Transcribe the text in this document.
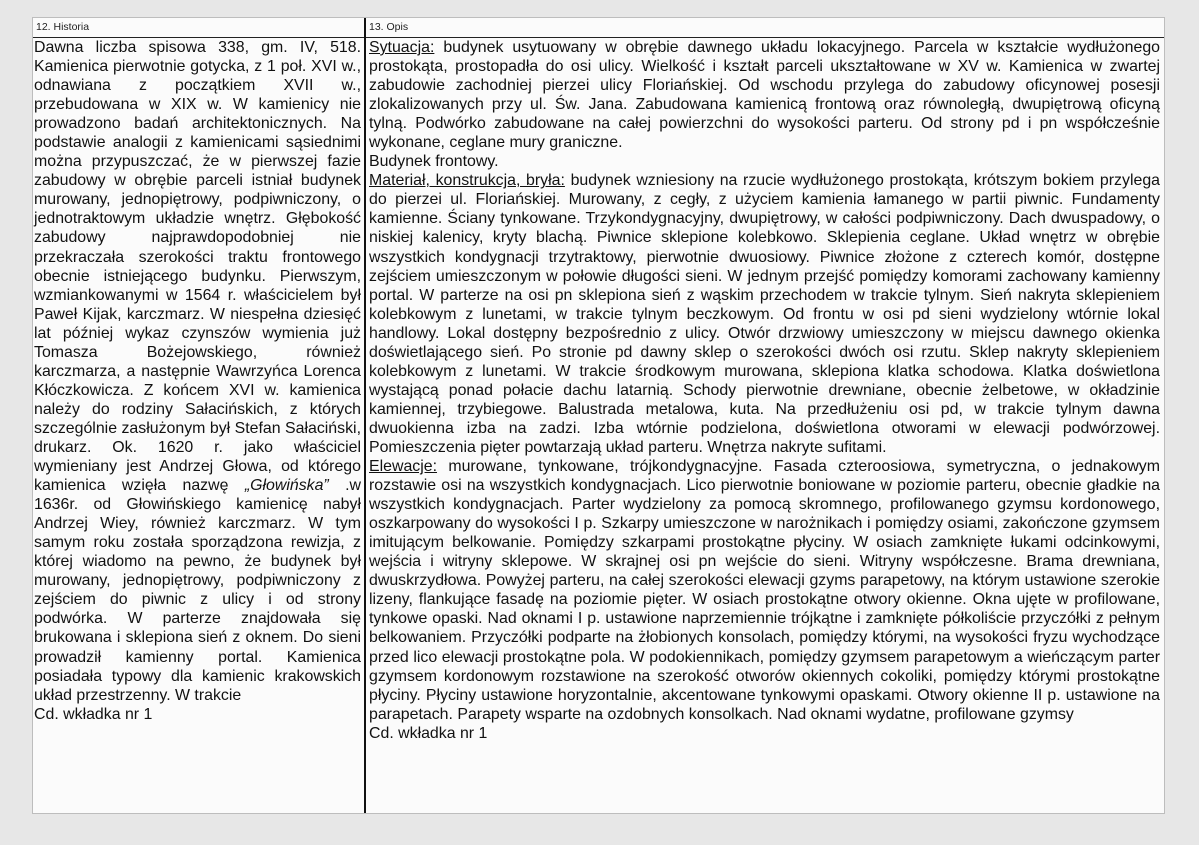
12. Historia

Dawna liczba spisowa 338, gm. IV, 518. Kamienica pierwotnie gotycka, z 1 poł. XVI w., odnawiana z początkiem XVII w., przebudowana w XIX w. W kamienicy nie prowadzono badań architektonicznych. Na podstawie analogii z kamienicami sąsiednimi można przypuszczać, że w pierwszej fazie zabudowy w obrębie parceli istniał budynek murowany, jednopiętrowy, podpiwniczony, o jednotraktowym układzie wnętrz. Głębokość zabudowy najprawdopodobniej nie przekraczała szerokości traktu frontowego obecnie istniejącego budynku. Pierwszym, wzmiankowanymi w 1564 r. właścicielem był Paweł Kijak, karczmarz. W niespełna dziesięć lat później wykaz czynszów wymienia już Tomasza Bożejowskiego, również karczmarza, a następnie Wawrzyńca Lorenca Kłóczkowicza. Z końcem XVI w. kamienica należy do rodziny Sałacińskich, z których szczególnie zasłużonym był Stefan Sałaciński, drukarz. Ok. 1620 r. jako właściciel wymieniany jest Andrzej Głowa, od którego kamienica wzięła nazwę „Głowińska” .w 1636r. od Głowińskiego kamienicę nabył Andrzej Wiey, również karczmarz. W tym samym roku została sporządzona rewizja, z której wiadomo na pewno, że budynek był murowany, jednopiętrowy, podpiwniczony z zejściem do piwnic z ulicy i od strony podwórka. W parterze znajdowała się brukowana i sklepiona sień z oknem. Do sieni prowadził kamienny portal. Kamienica posiadała typowy dla kamienic krakowskich układ przestrzenny. W trakcie

Cd. wkładka nr 1

13. Opis

Sytuacja: budynek usytuowany w obrębie dawnego układu lokacyjnego. Parcela w kształcie wydłużonego prostokąta, prostopadła do osi ulicy. Wielkość i kształt parceli ukształtowane w XV w. Kamienica w zwartej zabudowie zachodniej pierzei ulicy Floriańskiej. Od wschodu przylega do zabudowy oficynowej posesji zlokalizowanych przy ul. Św. Jana. Zabudowana kamienicą frontową oraz równoległą, dwupiętrową oficyną tylną. Podwórko zabudowane na całej powierzchni do wysokości parteru. Od strony pd i pn współcześnie wykonane, ceglane mury graniczne.

Budynek frontowy.

Materiał, konstrukcja, bryła: budynek wzniesiony na rzucie wydłużonego prostokąta, krótszym bokiem przylega do pierzei ul. Floriańskiej. Murowany, z cegły, z użyciem kamienia łamanego w partii piwnic. Fundamenty kamienne. Ściany tynkowane. Trzykondygnacyjny, dwupiętrowy, w całości podpiwniczony. Dach dwuspadowy, o niskiej kalenicy, kryty blachą. Piwnice sklepione kolebkowo. Sklepienia ceglane. Układ wnętrz w obrębie wszystkich kondygnacji trzytraktowy, pierwotnie dwuosiowy. Piwnice złożone z czterech komór, dostępne zejściem umieszczonym w połowie długości sieni. W jednym przejść pomiędzy komorami zachowany kamienny portal. W parterze na osi pn sklepiona sień z wąskim przechodem w trakcie tylnym. Sień nakryta sklepieniem kolebkowym z lunetami, w trakcie tylnym beczkowym. Od frontu w osi pd sieni wydzielony wtórnie lokal handlowy. Lokal dostępny bezpośrednio z ulicy. Otwór drzwiowy umieszczony w miejscu dawnego okienka doświetlającego sień. Po stronie pd dawny sklep o szerokości dwóch osi rzutu. Sklep nakryty sklepieniem kolebkowym z lunetami. W trakcie środkowym murowana, sklepiona klatka schodowa. Klatka doświetlona wystającą ponad połacie dachu latarnią. Schody pierwotnie drewniane, obecnie żelbetowe, w okładzinie kamiennej, trzybiegowe. Balustrada metalowa, kuta. Na przedłużeniu osi pd, w trakcie tylnym dawna dwuokienna izba na zadzi. Izba wtórnie podzielona, doświetlona otworami w elewacji podwórzowej. Pomieszczenia pięter powtarzają układ parteru. Wnętrza nakryte sufitami.

Elewacje: murowane, tynkowane, trójkondygnacyjne. Fasada czteroosiowa, symetryczna, o jednakowym rozstawie osi na wszystkich kondygnacjach. Lico pierwotnie boniowane w poziomie parteru, obecnie gładkie na wszystkich kondygnacjach. Parter wydzielony za pomocą skromnego, profilowanego gzymsu kordonowego, oszkarpowany do wysokości I p. Szkarpy umieszczone w narożnikach i pomiędzy osiami, zakończone gzymsem imitującym belkowanie. Pomiędzy szkarpami prostokątne płyciny. W osiach zamknięte łukami odcinkowymi, wejścia i witryny sklepowe. W skrajnej osi pn wejście do sieni. Witryny współczesne. Brama drewniana, dwuskrzydłowa. Powyżej parteru, na całej szerokości elewacji gzyms parapetowy, na którym ustawione szerokie lizeny, flankujące fasadę na poziomie pięter. W osiach prostokątne otwory okienne. Okna ujęte w profilowane, tynkowe opaski. Nad oknami I p. ustawione naprzemiennie trójkątne i zamknięte półkoliście przyczółki z pełnym belkowaniem. Przyczółki podparte na żłobionych konsolach, pomiędzy którymi, na wysokości fryzu wychodzące przed lico elewacji prostokątne pola. W podokiennikach, pomiędzy gzymsem parapetowym a wieńczącym parter gzymsem kordonowym rozstawione na szerokość otworów okiennych cokoliki, pomiędzy którymi prostokątne płyciny. Płyciny ustawione horyzontalnie, akcentowane tynkowymi opaskami. Otwory okienne II p. ustawione na parapetach. Parapety wsparte na ozdobnych konsolkach. Nad oknami wydatne, profilowane gzymsy

Cd. wkładka nr 1
